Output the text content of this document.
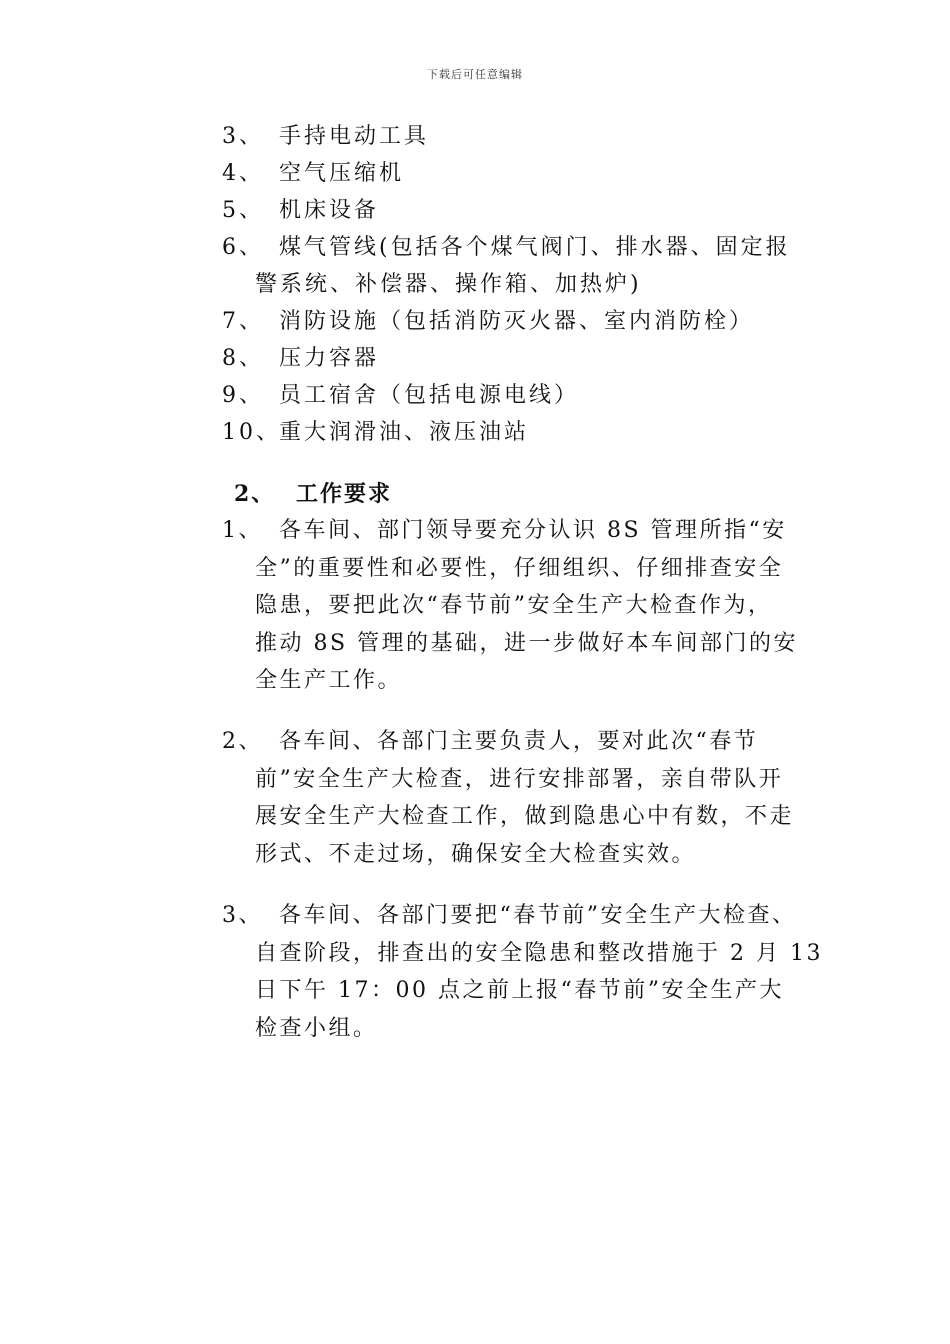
下载后可任意编辑
3、 手持电动工具
4、 空气压缩机
5、 机床设备
6、 煤气管线(包括各个煤气阀门、排水器、固定报
警系统、补偿器、操作箱、加热炉)
7、 消防设施（包括消防灭火器、室内消防栓）
8、 压力容器
9、 员工宿舍（包括电源电线）
10、重大润滑油、液压油站
2、 工作要求
1、 各车间、部门领导要充分认识 8S 管理所指“安
全”的重要性和必要性，仔细组织、仔细排查安全
隐患，要把此次“春节前”安全生产大检查作为，
推动 8S 管理的基础，进一步做好本车间部门的安
全生产工作。
2、 各车间、各部门主要负责人，要对此次“春节
前”安全生产大检查，进行安排部署，亲自带队开
展安全生产大检查工作，做到隐患心中有数，不走
形式、不走过场，确保安全大检查实效。
3、 各车间、各部门要把“春节前”安全生产大检查、
自查阶段，排查出的安全隐患和整改措施于 2 月 13
日下午 17：00 点之前上报“春节前”安全生产大
检查小组。
